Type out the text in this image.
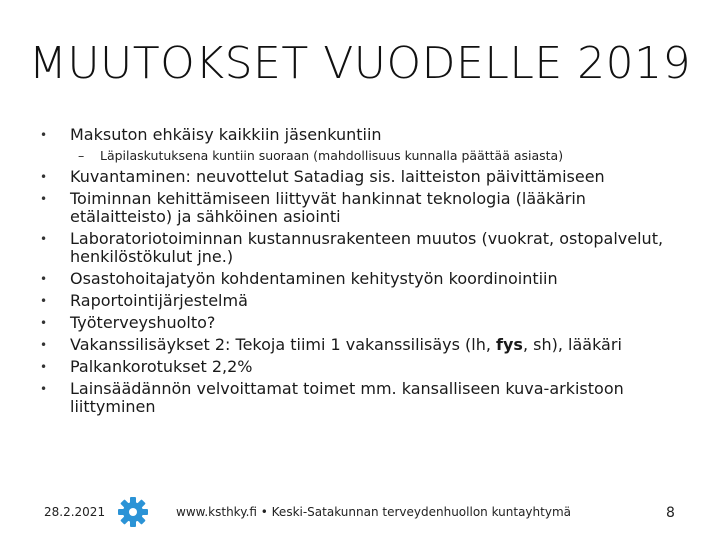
MUUTOKSET VUODELLE 2019
• Maksuton ehkäisy kaikkiin jäsenkuntiin
– Läpilaskutuksena kuntiin suoraan (mahdollisuus kunnalla päättää asiasta)
• Kuvantaminen: neuvottelut Satadiag sis. laitteiston päivittämiseen
• Toiminnan kehittämiseen liittyvät hankinnat teknologia (lääkärin etälaitteisto) ja sähköinen asiointi
• Laboratoriotoiminnan kustannusrakenteen muutos (vuokrat, ostopalvelut, henkilöstökulut jne.)
• Osastohoitajatyön kohdentaminen kehitystyön koordinointiin
• Raportointijärjestelmä
• Työterveyshuolto?
• Vakanssilisäykset 2: Tekoja tiimi 1 vakanssilisäys (lh, fys, sh), lääkäri
• Palkankorotukset 2,2%
• Lainsäädännön velvoittamat toimet mm. kansalliseen kuva-arkistoon liittyminen
28.2.2021	www.ksthky.fi • Keski-Satakunnan terveydenhuollon kuntayhtymä	8
